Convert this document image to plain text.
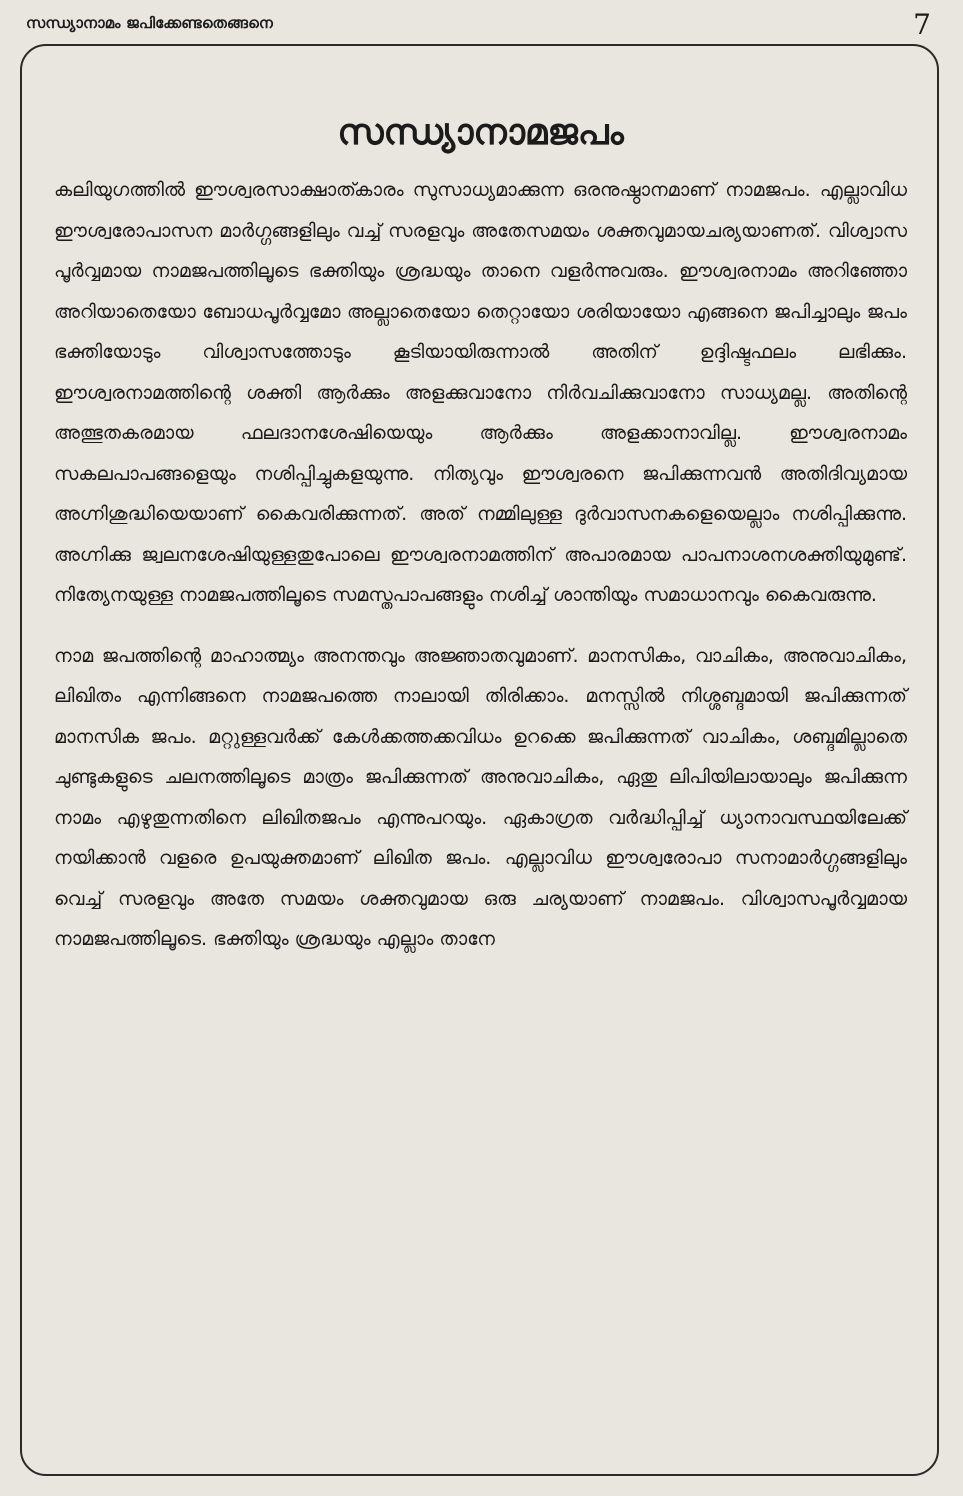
സന്ധ്യാനാമം ജപിക്കേണ്ടതെങ്ങനെ	7
സന്ധ്യാനാമജപം

കലിയുഗത്തിൽ ഈശ്വരസാക്ഷാത്കാരം സുസാധ്യമാക്കുന്ന ഒരനുഷ്ഠാനമാണ് നാമജപം. എല്ലാവിധ ഈശ്വരോപാസന മാർഗ്ഗങ്ങളിലും വച്ച് സരളവും അതേസമയം ശക്തവുമായചര്യയാണത്. വിശ്വാസ പൂർവ്വമായ നാമജപത്തിലൂടെ ഭക്തിയും ശ്രദ്ധയും താനെ വളർന്നുവരും. ഈശ്വരനാമം അറിഞ്ഞോ അറിയാതെയോ ബോധപൂർവ്വമോ അല്ലാതെയോ തെറ്റായോ ശരിയായോ എങ്ങനെ ജപിച്ചാലും ജപം ഭക്തിയോടും വിശ്വാസത്തോടും കൂടിയായിരുന്നാൽ അതിന് ഉദ്ദിഷ്ടഫലം ലഭിക്കും. ഈശ്വരനാമത്തിന്റെ ശക്തി ആർക്കും അളക്കുവാനോ നിർവചിക്കുവാനോ സാധ്യമല്ല. അതിന്റെ അത്ഭുതകരമായ ഫലദാനശേഷിയെയും ആർക്കും അളക്കാനാവില്ല. ഈശ്വരനാമം സകലപാപങ്ങളെയും നശിപ്പിച്ചുകളയുന്നു. നിത്യവും ഈശ്വരനെ ജപിക്കുന്നവൻ അതിദിവ്യമായ അഗ്നിശുദ്ധിയെയാണ് കൈവരിക്കുന്നത്. അത് നമ്മിലുള്ള ദുർവാസനകളെയെല്ലാം നശിപ്പിക്കുന്നു. അഗ്നിക്കു ജ്വലനശേഷിയുള്ളതുപോലെ ഈശ്വരനാമത്തിന് അപാരമായ പാപനാശനശക്തിയുമുണ്ട്. നിത്യേനയുള്ള നാമജപത്തിലൂടെ സമസ്തപാപങ്ങളും നശിച്ച് ശാന്തിയും സമാധാനവും കൈവരുന്നു.

നാമ ജപത്തിന്റെ മാഹാത്മ്യം അനന്തവും അജ്ഞാതവുമാണ്. മാനസികം, വാചികം, അനുവാചികം, ലിഖിതം എന്നിങ്ങനെ നാമജപത്തെ നാലായി തിരിക്കാം. മനസ്സിൽ നിശ്ശബ്ദമായി ജപിക്കുന്നത് മാനസിക ജപം. മറ്റുള്ളവർക്ക് കേൾക്കത്തക്കവിധം ഉറക്കെ ജപിക്കുന്നത് വാചികം, ശബ്ദമില്ലാതെ ചുണ്ടുകളുടെ ചലനത്തിലൂടെ മാത്രം ജപിക്കുന്നത് അനുവാചികം, ഏതു ലിപിയിലായാലും ജപിക്കുന്ന നാമം എഴുതുന്നതിനെ ലിഖിതജപം എന്നുപറയും. ഏകാഗ്രത വർദ്ധിപ്പിച്ച് ധ്യാനാവസ്ഥയിലേക്ക് നയിക്കാൻ വളരെ ഉപയുക്തമാണ് ലിഖിത ജപം. എല്ലാവിധ ഈശ്വരോപാ സനാമാർഗ്ഗങ്ങളിലും വെച്ച് സരളവും അതേ സമയം ശക്തവുമായ ഒരു ചര്യയാണ് നാമജപം. വിശ്വാസപൂർവ്വമായ നാമജപത്തിലൂടെ. ഭക്തിയും ശ്രദ്ധയും എല്ലാം താനേ
